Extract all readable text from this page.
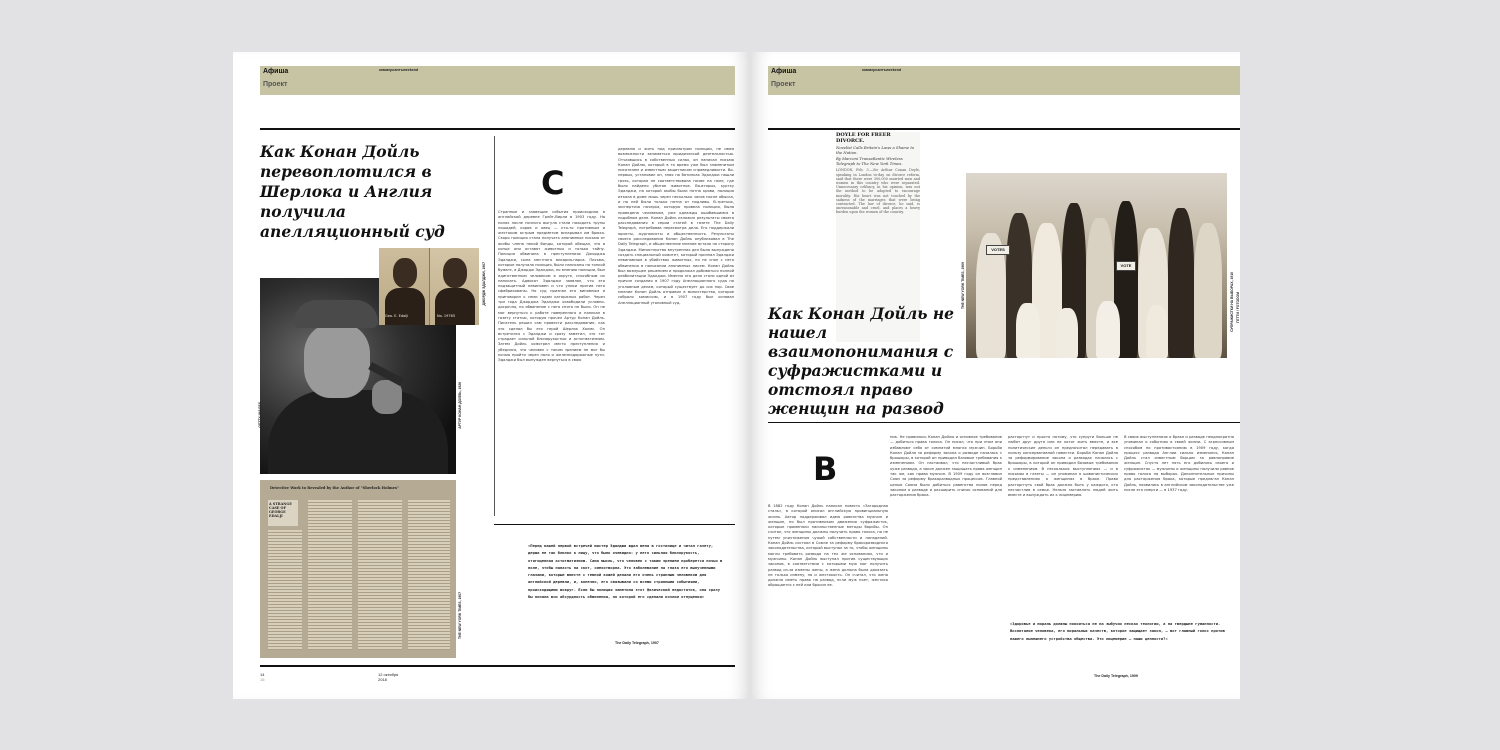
Афиша
Проект
коммерсантъweekend
Как Конан Дойль перевоплотился в Шерлока и Англия получила апелляционный суд
С
Странные и зловещие события происходили в английской деревне Грейт-Вирли в 1903 году. На полях после ночного выгула стали находить трупы лошадей, коров и овец — кто-то противным и жестоким острым предметом вспарывал им брюхо. Скоро полиция стала получать анонимные письма от якобы члена некой банды, которой обещал, что в конце они оставят животных и только тайну. Полиция обвинила в преступлениях Джорджа Эдалджи, сына местного викария-парса. Письма, которые получала полиция, были написаны на тонкой бумаге, а Джордж Эдалджи, по мнению полиции, был единственным человеком в округе, способным их написать. Адвокат Эдалджи заявлял, что его подзащитный невиновен и что улики против него сфабрикованы. Но суд признал его виновным и приговорил к семи годам каторжных работ. Через три года Джорджа Эдалджи освободили условно-досрочно, но обвинение с него снято не было. Он не мог вернуться к работе поверенного и написал в газету статью, которую прочел Артур Конан Дойль. Писатель решил сам провести расследование, как это сделал бы его герой Шерлок Холмс. Он встретился с Эдалджи и сразу заметил, что тот страдает сильной близорукостью и астигматизмом. Затем Дойль осмотрел место преступления и убедился, что человек с таким зрением не мог бы ночью пройти через поля и железнодорожные пути. Эдалджи был вынужден вернуться в свою
деревню и жить под присмотром полиции, не имея возможности заниматься юридической деятельностью. Отчаявшись в собственных силах, он написал письмо Конан Дойлю, который в то время уже был знаменитым писателем и известным защитником справедливости. Во-первых, установил он, зная на ботинках Эдалджи нашли грязь, которая не соответствовала почве на поле, где было найдено убитое животное. Во-вторых, куртку Эдалджи, на которой якобы были пятна крови, полиция изъяла в доме лишь через несколько часов после обыска, и на ней были только пятна от подливы. В-третьих, экспертиза почерка, которую провела полиция, была проведена человеком, уже однажды ошибавшимся в подобном деле. Конан Дойль изложил результаты своего расследования в серии статей в газете The Daily Telegraph, потребовав пересмотра дела. Его поддержали юристы, журналисты и общественность. Результаты своего расследования Конан Дойль опубликовал в The Daily Telegraph, и общественное мнение встало на сторону Эдалджи. Министерство внутренних дел было вынуждено создать специальный комитет, который признал Эдалджи невиновным в убийствах животных, но не снял с него обвинения в написании анонимных писем. Конан Дойль был возмущен решением и продолжал добиваться полной реабилитации Эдалджи. Именно это дело стало одной из причин создания в 1907 году Апелляционного суда по уголовным делам, который существует до сих пор. Свое мнение Конан Дойль отправил в министерство, которое собрало комиссию, и в 1907 году был основан Апелляционный уголовный суд.
GETTY IMAGES	АРТУР КОНАН ДОЙЛЬ, 1926
Geo. E. Edalji	No. 19765
ДЖОРДЖ ЭДАЛДЖИ, 1907
Detective Work to Revealed by the Author of "Sherlock Holmes"
A STRANGE CASE OF GEORGE EDALJI
THE NEW YORK TIMES, 1907

«Перед нашей первой встречей мистер Эдалджи ждал меня в гостинице и читал газету, держа ее так близко к лицу, что было очевидно: у него сильная близорукость, отягощенная астигматизмом. Сама мысль, что человек с таким зрением проберется ночью в поле, чтобы напасть на скот, смехотворна. Это заболевание на глаза его выпученными глазами, которые вместе с темной кожей делали его очень странным человеком для английской деревни, и, конечно, его связывали со всеми странными событиями, происходящими вокруг. Если бы полиция заметила этот физический недостаток, она сразу бы поняла всю абсурдность обвинения, по которой его сделали козлом отпущения»

The Daily Telegraph, 1907
14
15
12 октября
2018
Афиша
Проект
коммерсантъweekend

DOYLE FOR FREER DIVORCE.

Novelist Calls Britain's Laws a Shame to the Nation.

By Marconi Transatlantic Wireless Telegraph to The New York Times.

LONDON, Feb. 5.—Sir Arthur Conan Doyle, speaking in London to-day on divorce reform, said that there were 300,000 married men and women in this country who were separated. Unnecessary celibacy, in his opinion, was not the method to be adopted to encourage morality. His heart was not touched by the sadness of the marriages that were being contracted. The law of divorce, he said, is unreasonable and cruel, and places a heavy burden upon the women of the country.
THE NEW YORK TIMES, 1909
VOTES
VOTE
СУФРАЖИСТКИ НА ВЫБОРАХ, 1910 ГЕТТИ / FOTODOM
Как Конан Дойль не нашел взаимопонимания с суфражистками и отстоял право женщин на развод
В
В 1882 году Конан Дойль написал повесть «Загородная сталь», в которой описал английскую провинциальную жизнь. Автор поддерживал идею равенства мужчин и женщин, но был противником движения суфражисток, которые применяли насильственные методы борьбы. Он считал, что женщины должны получить право голоса, но не путем уничтожения чужой собственности и нападений. Конан Дойль состоял в Союзе за реформу бракоразводного законодательства, который выступал за то, чтобы женщины могли требовать развода на тех же основаниях, что и мужчины. Конан Дойль выступал против существующих законов, в соответствии с которыми муж мог получить развод из-за измены жены, а жена должна была доказать не только измену, но и жестокость. Он считал, что жена должна иметь право на развод, если муж пьет, жестоко обращается с ней или бросил ее.
ник. Не нравилось Конан Дойлю и основное требование — добиться права голоса. Он писал, что при этом они избавляют себя от симпатий многих мужчин. Борьба Конан Дойля за реформу закона о разводе началась с брошюры, в которой он приводил базовые требования к изменениям. Он настаивал, что несчастливый брак хуже развода, а закон должен защищать права женщин так же, как права мужчин. В 1909 году он возглавил Союз за реформу бракоразводных процессов. Главной целью Союза было добиться равенства полов перед законом о разводе и расширить список оснований для расторжения брака.
расторгнут и просто потому, что супруги больше не любят друг друга или не хотят жить вместе, и все политические деньги он предпочитал передавать в пользу консервативной повестки. Борьба Конан Дойля за реформирование закона о разводах началась с брошюры, в которой он приводил базовые требования к изменениям. В нескольких выступлениях — и в письмах в газеты — он упоминал о шовинистических представлениях о женщинах в браке. Право расторгнуть свой брак должно быть у каждого, кто несчастлив в семье. Нельзя заставлять людей жить вместе и вынуждать их к лицемерию.
В своих выступлениях о браке и разводе неоднократно упоминал о событиях в своей жизни. С агрессивным способом по противостоянию в 1909 году, когда процесс развода Англии сильно изменился, Конан Дойль стал известным борцом за равноправие женщин. Спустя лет пять его добились своего и суфражисток — мужчины и женщины получили равное право голоса на выборах. Дополнительные причины для расторжения брака, которые предлагал Конан Дойль, появились в английском законодательстве уже после его смерти — в 1937 году.

«Здоровье и мораль должны покоиться не на зыбучих песках теологии, а на твердыне гуманности. Воспитание человека, его моральных качеств, которое защищает закон, — вот главный голос против нашего нынешнего устройства общества. Это лицемерие — наши ценности?»

The Daily Telegraph, 1909
